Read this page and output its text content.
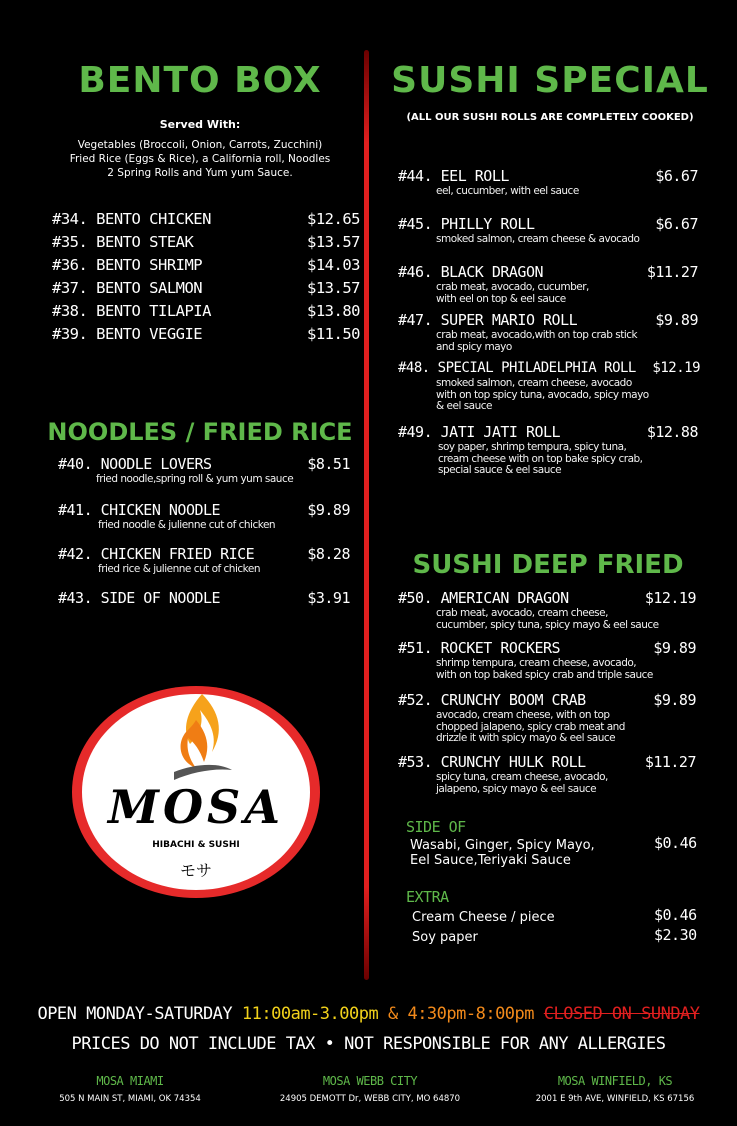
BENTO BOX
Served With:
Vegetables (Broccoli, Onion, Carrots, Zucchini)
Fried Rice (Eggs & Rice), a California roll, Noodles
2 Spring Rolls and Yum yum Sauce.
#34. BENTO CHICKEN	$12.65
#35. BENTO STEAK	$13.57
#36. BENTO SHRIMP	$14.03
#37. BENTO SALMON	$13.57
#38. BENTO TILAPIA	$13.80
#39. BENTO VEGGIE	$11.50
NOODLES / FRIED RICE
#40. NOODLE LOVERS	$8.51
fried noodle,spring roll & yum yum sauce
#41. CHICKEN NOODLE	$9.89
fried noodle & julienne cut of chicken
#42. CHICKEN FRIED RICE	$8.28
fried rice & julienne cut of chicken
#43. SIDE OF NOODLE	$3.91
MOSA
HIBACHI & SUSHI
モサ
SUSHI SPECIAL
(ALL OUR SUSHI ROLLS ARE COMPLETELY COOKED)
#44. EEL ROLL	$6.67
eel, cucumber, with eel sauce
#45. PHILLY ROLL	$6.67
smoked salmon, cream cheese & avocado
#46. BLACK DRAGON	$11.27
crab meat, avocado, cucumber,
with eel on top & eel sauce
#47. SUPER MARIO ROLL	$9.89
crab meat, avocado,with on top crab stick
and spicy mayo
#48. SPECIAL PHILADELPHIA ROLL $12.19
smoked salmon, cream cheese, avocado
with on top spicy tuna, avocado, spicy mayo
& eel sauce
#49. JATI JATI ROLL	$12.88
soy paper, shrimp tempura, spicy tuna,
cream cheese with on top bake spicy crab,
special sauce & eel sauce
SUSHI DEEP FRIED
#50. AMERICAN DRAGON	$12.19
crab meat, avocado, cream cheese,
cucumber, spicy tuna, spicy mayo & eel sauce
#51. ROCKET ROCKERS	$9.89
shrimp tempura, cream cheese, avocado,
with on top baked spicy crab and triple sauce
#52. CRUNCHY BOOM CRAB	$9.89
avocado, cream cheese, with on top
chopped jalapeno, spicy crab meat and
drizzle it with spicy mayo & eel sauce
#53. CRUNCHY HULK ROLL	$11.27
spicy tuna, cream cheese, avocado,
jalapeno, spicy mayo & eel sauce
SIDE OF
Wasabi, Ginger, Spicy Mayo,
Eel Sauce,Teriyaki Sauce
$0.46
EXTRA
Cream Cheese / piece	$0.46
Soy paper	$2.30
OPEN MONDAY-SATURDAY 11:00am-3.00pm & 4:30pm-8:00pm CLOSED ON SUNDAY
PRICES DO NOT INCLUDE TAX • NOT RESPONSIBLE FOR ANY ALLERGIES
MOSA MIAMI
505 N MAIN ST, MIAMI, OK 74354
MOSA WEBB CITY
24905 DEMOTT Dr, WEBB CITY, MO 64870
MOSA WINFIELD, KS
2001 E 9th AVE, WINFIELD, KS 67156
